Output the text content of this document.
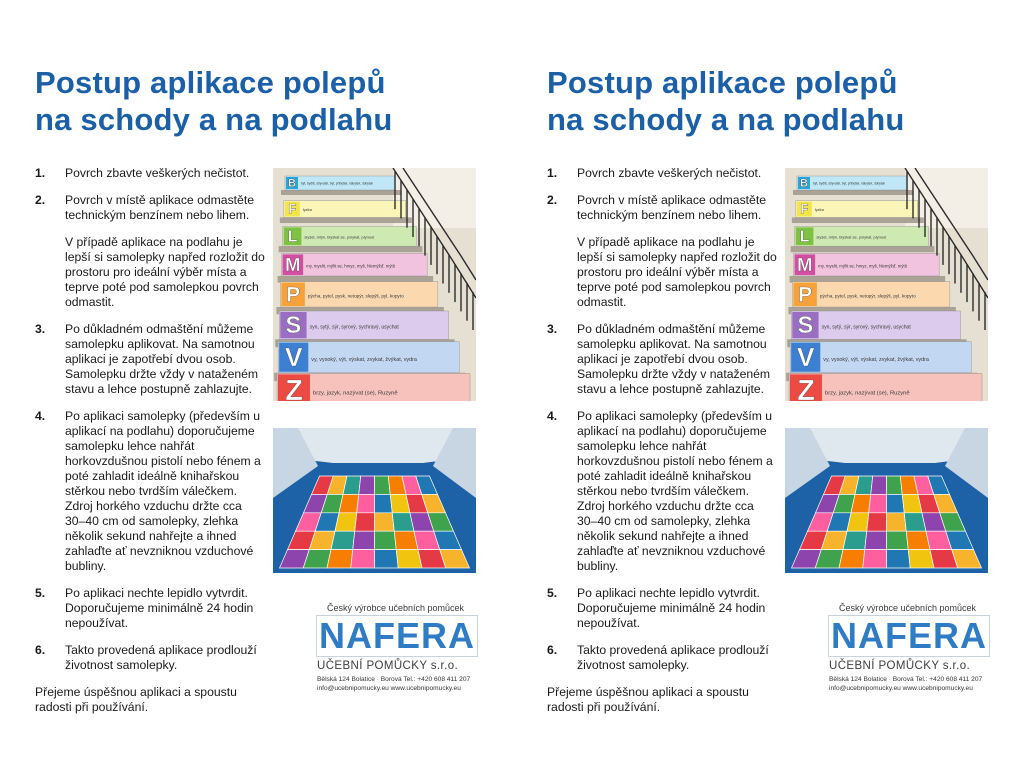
Postup aplikace polepů
na schody a na podlahu

1. Povrch zbavte veškerých nečistot.

2. Povrch v místě aplikace odmastěte technickým benzínem nebo lihem.

V případě aplikace na podlahu je lepší si samolepky napřed rozložit do prostoru pro ideální výběr místa a teprve poté pod samolepkou povrch odmastit.

3. Po důkladném odmaštění můžeme samolepku aplikovat. Na samotnou aplikaci je zapotřebí dvou osob. Samolepku držte vždy v nataženém stavu a lehce postupně zahlazujte.

4. Po aplikaci samolepky (především u aplikací na podlahu) doporučujeme samolepku lehce nahřát horkovzdušnou pistolí nebo fénem a poté zahladit ideálně knihařskou stěrkou nebo tvrdším válečkem. Zdroj horkého vzduchu držte cca 30–40 cm od samolepky, zlehka několik sekund nahřejte a ihned zahlaďte ať nevzniknou vzduchové bubliny.

5. Po aplikaci nechte lepidlo vytvrdit. Doporučujeme minimálně 24 hodin nepoužívat.

6. Takto provedená aplikace prodlouží životnost samolepky.

Přejeme úspěšnou aplikaci a spoustu radosti při používání.

B být, bydlit, obyvatel, byt, příbytek, nábytek, dobytek
F fyzika
L slyšet, mlýn, blýskat se, polykat, plynout
M my, myslit, mýlit se, hmyz, myš, hlemýžď, mýtit
P pýcha, pytel, pysk, netopýr, slepýš, pyl, kopyto
S syn, sytý, sýr, syrový, sychravý, usychat
V vy, vysoký, výt, výskat, zvykat, žvýkat, vydra
Z brzy, jazyk, nazývat (se), Ruzyně

Český výrobce učebních pomůcek

NAFERA
UČEBNÍ POMŮCKY s.r.o.
Bělská 124 Bolatice · Borová Tel.: +420 608 411 207
info@ucebnipomucky.eu www.ucebnipomucky.eu
Postup aplikace polepů
na schody a na podlahu

1. Povrch zbavte veškerých nečistot.

2. Povrch v místě aplikace odmastěte technickým benzínem nebo lihem.

V případě aplikace na podlahu je lepší si samolepky napřed rozložit do prostoru pro ideální výběr místa a teprve poté pod samolepkou povrch odmastit.

3. Po důkladném odmaštění můžeme samolepku aplikovat. Na samotnou aplikaci je zapotřebí dvou osob. Samolepku držte vždy v nataženém stavu a lehce postupně zahlazujte.

4. Po aplikaci samolepky (především u aplikací na podlahu) doporučujeme samolepku lehce nahřát horkovzdušnou pistolí nebo fénem a poté zahladit ideálně knihařskou stěrkou nebo tvrdším válečkem. Zdroj horkého vzduchu držte cca 30–40 cm od samolepky, zlehka několik sekund nahřejte a ihned zahlaďte ať nevzniknou vzduchové bubliny.

5. Po aplikaci nechte lepidlo vytvrdit. Doporučujeme minimálně 24 hodin nepoužívat.

6. Takto provedená aplikace prodlouží životnost samolepky.

Přejeme úspěšnou aplikaci a spoustu radosti při používání.

B být, bydlit, obyvatel, byt, příbytek, nábytek, dobytek
F fyzika
L slyšet, mlýn, blýskat se, polykat, plynout
M my, myslit, mýlit se, hmyz, myš, hlemýžď, mýtit
P pýcha, pytel, pysk, netopýr, slepýš, pyl, kopyto
S syn, sytý, sýr, syrový, sychravý, usychat
V vy, vysoký, výt, výskat, zvykat, žvýkat, vydra
Z brzy, jazyk, nazývat (se), Ruzyně

Český výrobce učebních pomůcek

NAFERA
UČEBNÍ POMŮCKY s.r.o.
Bělská 124 Bolatice · Borová Tel.: +420 608 411 207
info@ucebnipomucky.eu www.ucebnipomucky.eu
